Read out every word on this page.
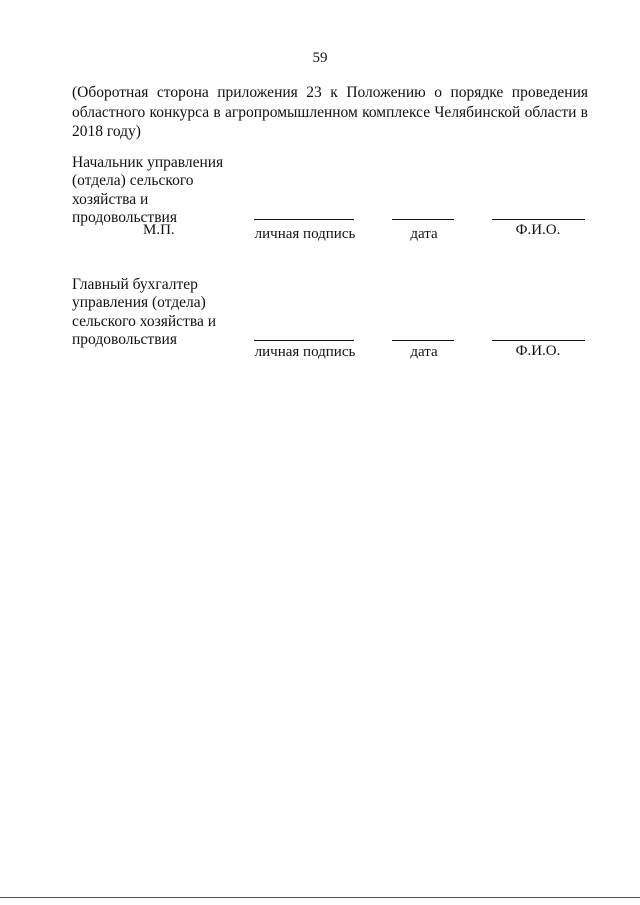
59
(Оборотная сторона приложения 23 к Положению о порядке проведения областного конкурса в агропромышленном комплексе Челябинской области в 2018 году)
Начальник управления
(отдела) сельского
хозяйства и
продовольствия
М.П.	личная подпись	дата	Ф.И.О.
Главный бухгалтер
управления (отдела)
сельского хозяйства и
продовольствия
личная подпись	дата	Ф.И.О.
